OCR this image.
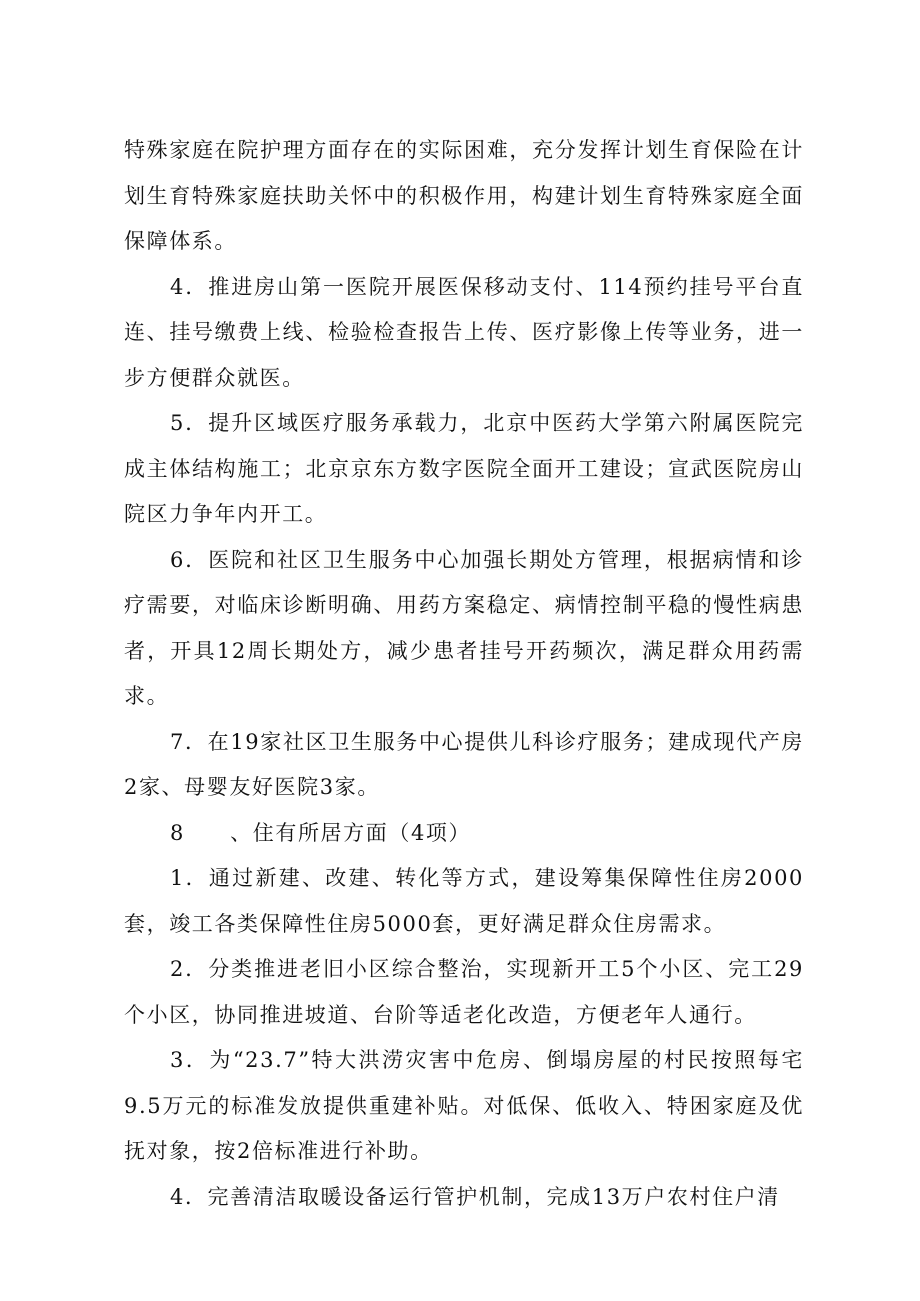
特殊家庭在院护理方面存在的实际困难，充分发挥计划生育保险在计划生育特殊家庭扶助关怀中的积极作用，构建计划生育特殊家庭全面保障体系。

4．推进房山第一医院开展医保移动支付、114预约挂号平台直连、挂号缴费上线、检验检查报告上传、医疗影像上传等业务，进一步方便群众就医。

5．提升区域医疗服务承载力，北京中医药大学第六附属医院完成主体结构施工；北京京东方数字医院全面开工建设；宣武医院房山院区力争年内开工。

6．医院和社区卫生服务中心加强长期处方管理，根据病情和诊疗需要，对临床诊断明确、用药方案稳定、病情控制平稳的慢性病患者，开具12周长期处方，减少患者挂号开药频次，满足群众用药需求。

7．在19家社区卫生服务中心提供儿科诊疗服务；建成现代产房2家、母婴友好医院3家。

8　　、住有所居方面（4项）

1．通过新建、改建、转化等方式，建设筹集保障性住房2000套，竣工各类保障性住房5000套，更好满足群众住房需求。

2．分类推进老旧小区综合整治，实现新开工5个小区、完工29个小区，协同推进坡道、台阶等适老化改造，方便老年人通行。

3．为“23.7”特大洪涝灾害中危房、倒塌房屋的村民按照每宅9.5万元的标准发放提供重建补贴。对低保、低收入、特困家庭及优抚对象，按2倍标准进行补助。

4．完善清洁取暖设备运行管护机制，完成13万户农村住户清
